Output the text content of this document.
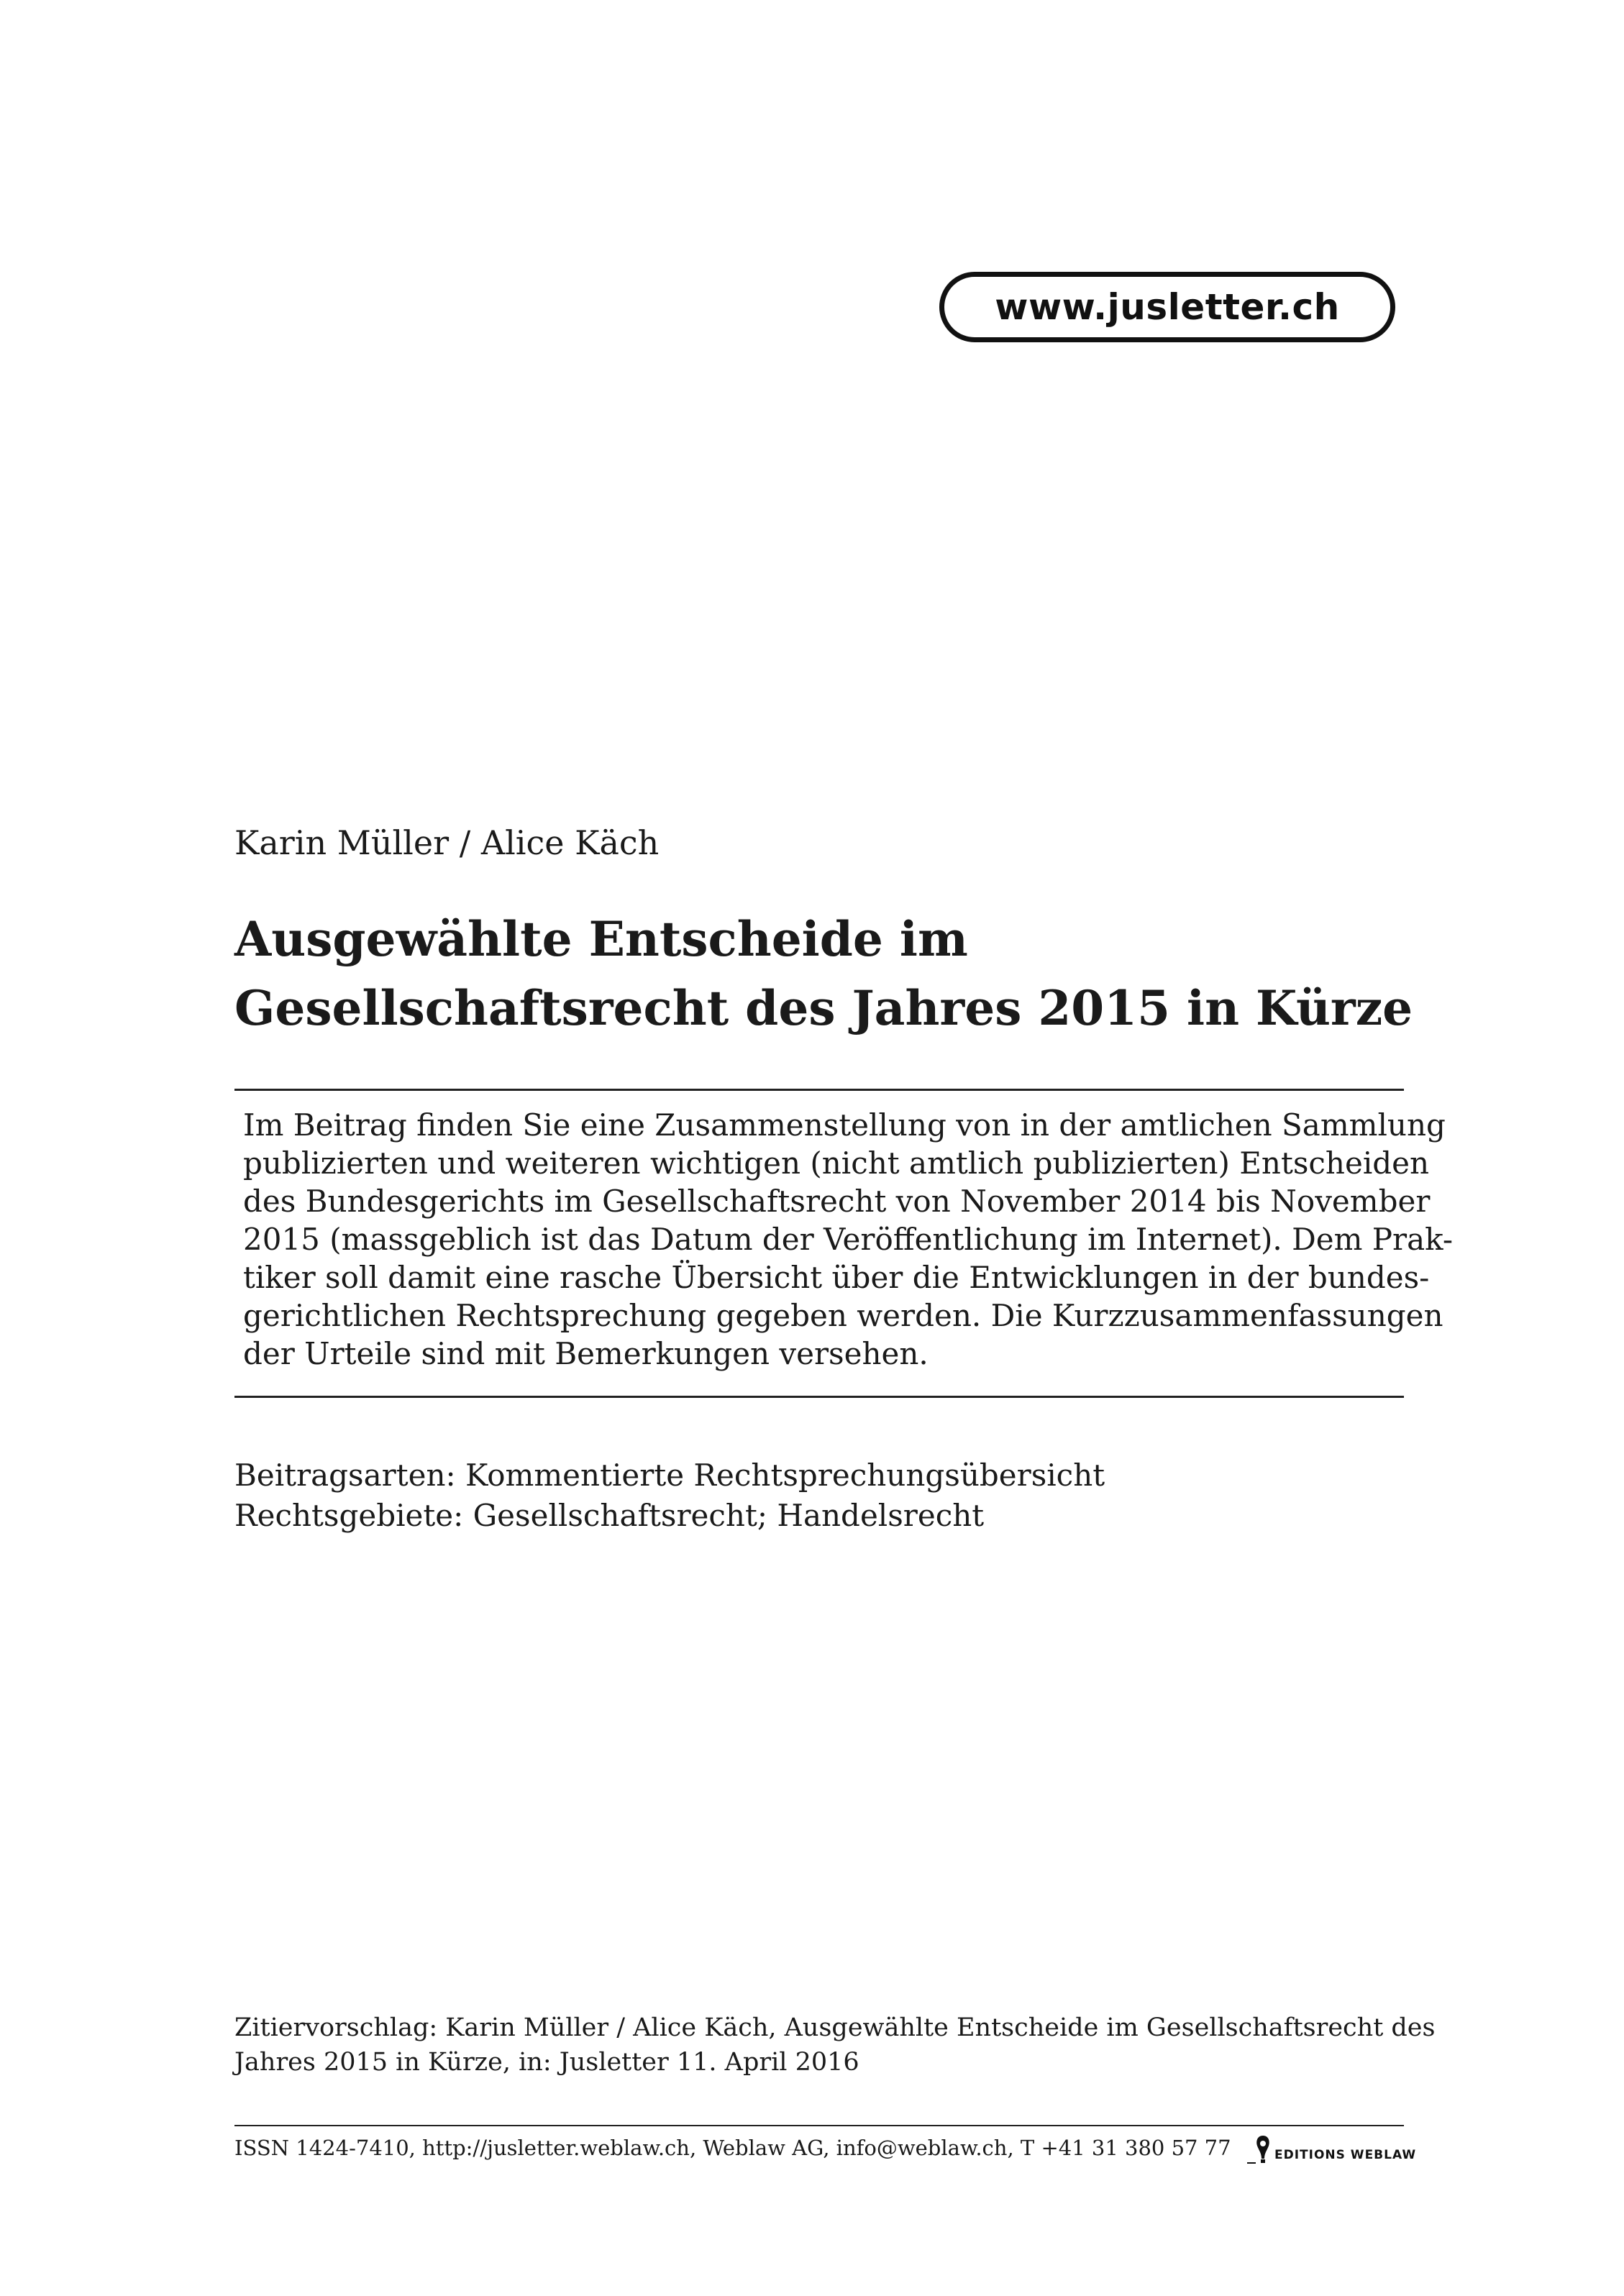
www.jusletter.ch
Karin Müller / Alice Käch
Ausgewählte Entscheide im
Gesellschaftsrecht des Jahres 2015 in Kürze
Im Beitrag finden Sie eine Zusammenstellung von in der amtlichen Sammlung
publizierten und weiteren wichtigen (nicht amtlich publizierten) Entscheiden
des Bundesgerichts im Gesellschaftsrecht von November 2014 bis November
2015 (massgeblich ist das Datum der Veröffentlichung im Internet). Dem Prak-
tiker soll damit eine rasche Übersicht über die Entwicklungen in der bundes-
gerichtlichen Rechtsprechung gegeben werden. Die Kurzzusammenfassungen
der Urteile sind mit Bemerkungen versehen.
Beitragsarten: Kommentierte Rechtsprechungsübersicht
Rechtsgebiete: Gesellschaftsrecht; Handelsrecht
Zitiervorschlag: Karin Müller / Alice Käch, Ausgewählte Entscheide im Gesellschaftsrecht des
Jahres 2015 in Kürze, in: Jusletter 11. April 2016
ISSN 1424-7410, http://jusletter.weblaw.ch, Weblaw AG, info@weblaw.ch, T +41 31 380 57 77	EDITIONS WEBLAW
